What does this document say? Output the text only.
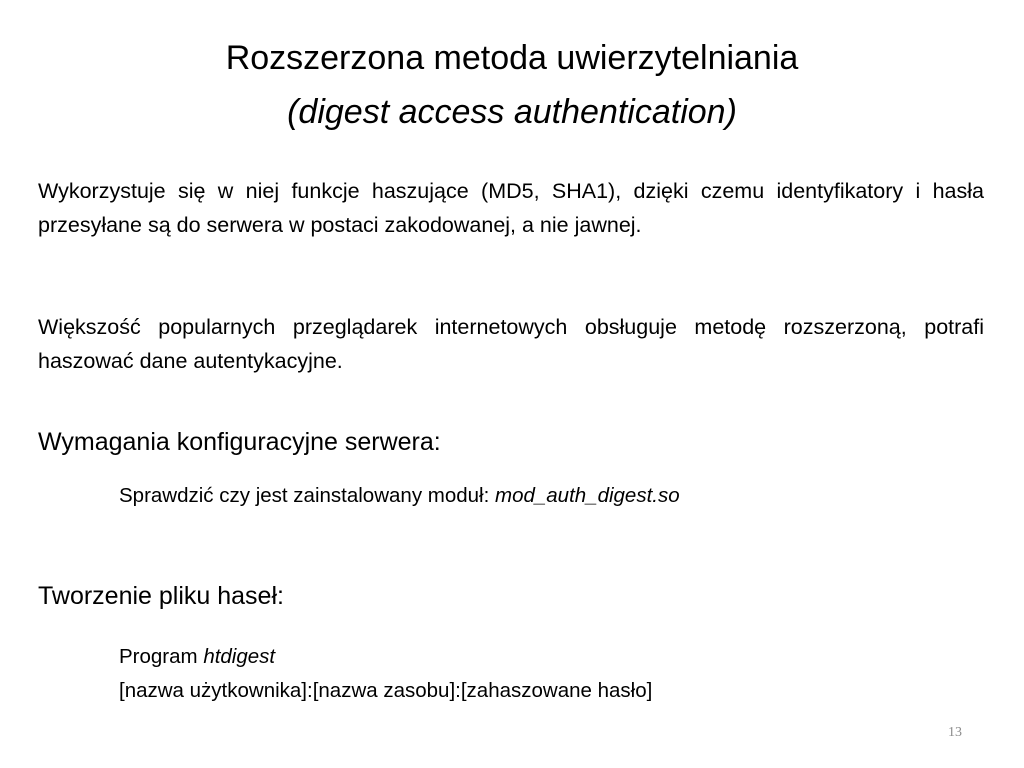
Rozszerzona metoda uwierzytelniania
(digest access authentication)
Wykorzystuje się w niej funkcje haszujące (MD5, SHA1), dzięki czemu identyfikatory i hasła przesyłane są do serwera w postaci zakodowanej, a nie jawnej.
Większość popularnych przeglądarek internetowych obsługuje metodę rozszerzoną, potrafi haszować dane autentykacyjne.
Wymagania konfiguracyjne serwera:
Sprawdzić czy jest zainstalowany moduł: mod_auth_digest.so
Tworzenie pliku haseł:
Program htdigest
[nazwa użytkownika]:[nazwa zasobu]:[zahaszowane hasło]
13
